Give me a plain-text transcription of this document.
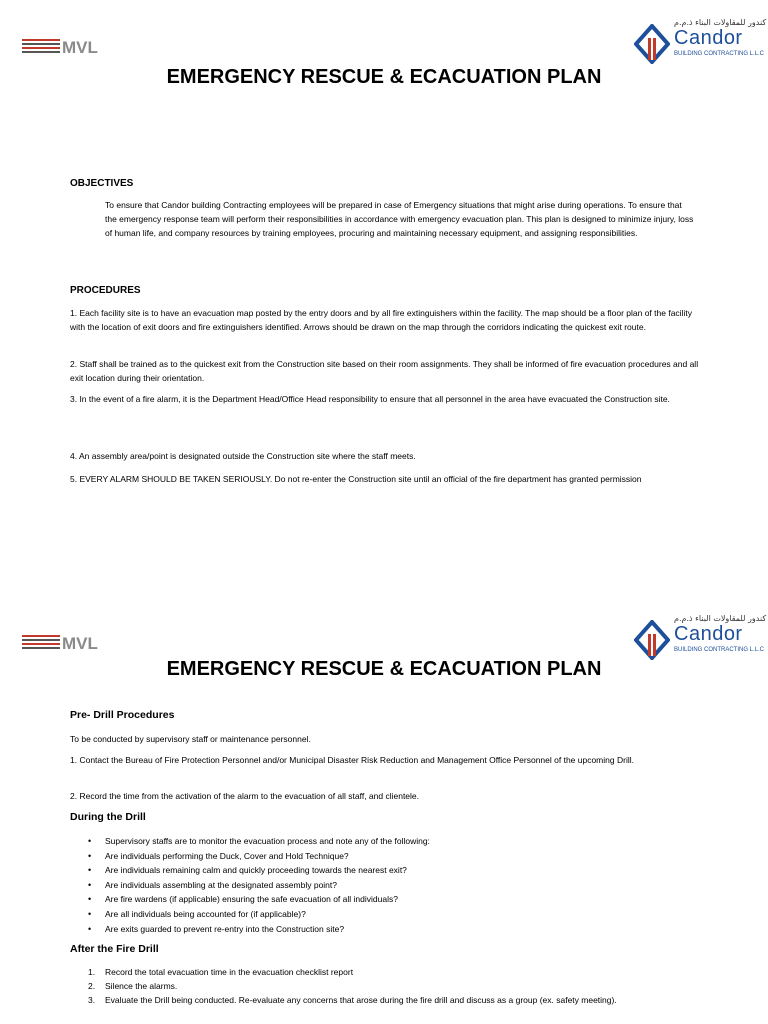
MVL
كندور للمقاولات البناء ذ.م.م
Candor
BUILDING CONTRACTING L.L.C
EMERGENCY RESCUE & ECACUATION PLAN
OBJECTIVES
To ensure that Candor building Contracting employees will be prepared in case of Emergency situations that might arise during operations. To ensure that the emergency response team will perform their responsibilities in accordance with emergency evacuation plan. This plan is designed to minimize injury, loss of human life, and company resources by training employees, procuring and maintaining necessary equipment, and assigning responsibilities.
PROCEDURES
1. Each facility site is to have an evacuation map posted by the entry doors and by all fire extinguishers within the facility. The map should be a floor plan of the facility with the location of exit doors and fire extinguishers identified. Arrows should be drawn on the map through the corridors indicating the quickest exit route.
2. Staff shall be trained as to the quickest exit from the Construction site based on their room assignments. They shall be informed of fire evacuation procedures and all exit location during their orientation.
3. In the event of a fire alarm, it is the Department Head/Office Head responsibility to ensure that all personnel in the area have evacuated the Construction site.
4. An assembly area/point is designated outside the Construction site where the staff meets.
5. EVERY ALARM SHOULD BE TAKEN SERIOUSLY. Do not re-enter the Construction site until an official of the fire department has granted permission
MVL
كندور للمقاولات البناء ذ.م.م
Candor
BUILDING CONTRACTING L.L.C
EMERGENCY RESCUE & ECACUATION PLAN
Pre- Drill Procedures
To be conducted by supervisory staff or maintenance personnel.
1. Contact the Bureau of Fire Protection Personnel and/or Municipal Disaster Risk Reduction and Management Office Personnel of the upcoming Drill.
2. Record the time from the activation of the alarm to the evacuation of all staff, and clientele.
During the Drill
• Supervisory staffs are to monitor the evacuation process and note any of the following:
• Are individuals performing the Duck, Cover and Hold Technique?
• Are individuals remaining calm and quickly proceeding towards the nearest exit?
• Are individuals assembling at the designated assembly point?
• Are fire wardens (if applicable) ensuring the safe evacuation of all individuals?
• Are all individuals being accounted for (if applicable)?
• Are exits guarded to prevent re-entry into the Construction site?
After the Fire Drill
1. Record the total evacuation time in the evacuation checklist report
2. Silence the alarms.
3. Evaluate the Drill being conducted. Re-evaluate any concerns that arose during the fire drill and discuss as a group (ex. safety meeting).
